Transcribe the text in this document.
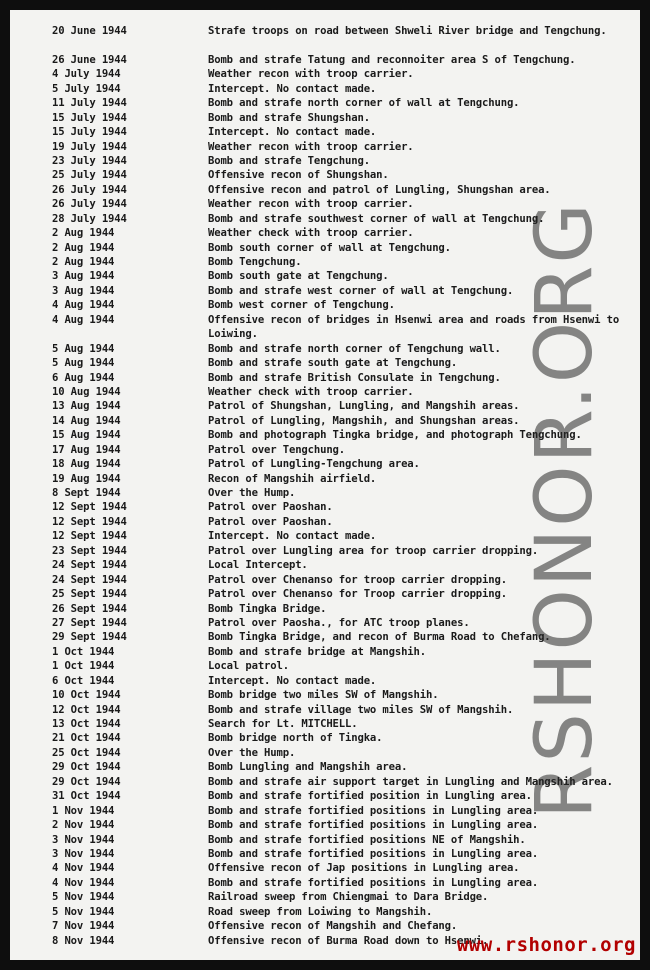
20 June 1944	Strafe troops on road between Shweli River bridge and Tengchung.
26 June 1944	Bomb and strafe Tatung and reconnoiter area S of Tengchung.
4 July 1944	Weather recon with troop carrier.
5 July 1944	Intercept. No contact made.
11 July 1944	Bomb and strafe north corner of wall at Tengchung.
15 July 1944	Bomb and strafe Shungshan.
15 July 1944	Intercept. No contact made.
19 July 1944	Weather recon with troop carrier.
23 July 1944	Bomb and strafe Tengchung.
25 July 1944	Offensive recon of Shungshan.
26 July 1944	Offensive recon and patrol of Lungling, Shungshan area.
26 July 1944	Weather recon with troop carrier.
28 July 1944	Bomb and strafe southwest corner of wall at Tengchung.
2 Aug 1944	Weather check with troop carrier.
2 Aug 1944	Bomb south corner of wall at Tengchung.
2 Aug 1944	Bomb Tengchung.
3 Aug 1944	Bomb south gate at Tengchung.
3 Aug 1944	Bomb and strafe west corner of wall at Tengchung.
4 Aug 1944	Bomb west corner of Tengchung.
4 Aug 1944	Offensive recon of bridges in Hsenwi area and roads from Hsenwi to Loiwing.
5 Aug 1944	Bomb and strafe north corner of Tengchung wall.
5 Aug 1944	Bomb and strafe south gate at Tengchung.
6 Aug 1944	Bomb and strafe British Consulate in Tengchung.
10 Aug 1944	Weather check with troop carrier.
13 Aug 1944	Patrol of Shungshan, Lungling, and Mangshih areas.
14 Aug 1944	Patrol of Lungling, Mangshih, and Shungshan areas.
15 Aug 1944	Bomb and photograph Tingka bridge, and photograph Tengchung.
17 Aug 1944	Patrol over Tengchung.
18 Aug 1944	Patrol of Lungling-Tengchung area.
19 Aug 1944	Recon of Mangshih airfield.
8 Sept 1944	Over the Hump.
12 Sept 1944	Patrol over Paoshan.
12 Sept 1944	Patrol over Paoshan.
12 Sept 1944	Intercept. No contact made.
23 Sept 1944	Patrol over Lungling area for troop carrier dropping.
24 Sept 1944	Local Intercept.
24 Sept 1944	Patrol over Chenanso for troop carrier dropping.
25 Sept 1944	Patrol over Chenanso for Troop carrier dropping.
26 Sept 1944	Bomb Tingka Bridge.
27 Sept 1944	Patrol over Paosha., for ATC troop planes.
29 Sept 1944	Bomb Tingka Bridge, and recon of Burma Road to Chefang.
1 Oct 1944	Bomb and strafe bridge at Mangshih.
1 Oct 1944	Local patrol.
6 Oct 1944	Intercept. No contact made.
10 Oct 1944	Bomb bridge two miles SW of Mangshih.
12 Oct 1944	Bomb and strafe village two miles SW of Mangshih.
13 Oct 1944	Search for Lt. MITCHELL.
21 Oct 1944	Bomb bridge north of Tingka.
25 Oct 1944	Over the Hump.
29 Oct 1944	Bomb Lungling and Mangshih area.
29 Oct 1944	Bomb and strafe air support target in Lungling and Mangshih area.
31 Oct 1944	Bomb and strafe fortified position in Lungling area.
1 Nov 1944	Bomb and strafe fortified positions in Lungling area.
2 Nov 1944	Bomb and strafe fortified positions in Lungling area.
3 Nov 1944	Bomb and strafe fortified positions NE of Mangshih.
3 Nov 1944	Bomb and strafe fortified positions in Lungling area.
4 Nov 1944	Offensive recon of Jap positions in Lungling area.
4 Nov 1944	Bomb and strafe fortified positions in Lungling area.
5 Nov 1944	Railroad sweep from Chiengmai to Dara Bridge.
5 Nov 1944	Road sweep from Loiwing to Mangshih.
7 Nov 1944	Offensive recon of Mangshih and Chefang.
8 Nov 1944	Offensive recon of Burma Road down to Hsenwi.
RSHONOR.ORG
www.rshonor.org
